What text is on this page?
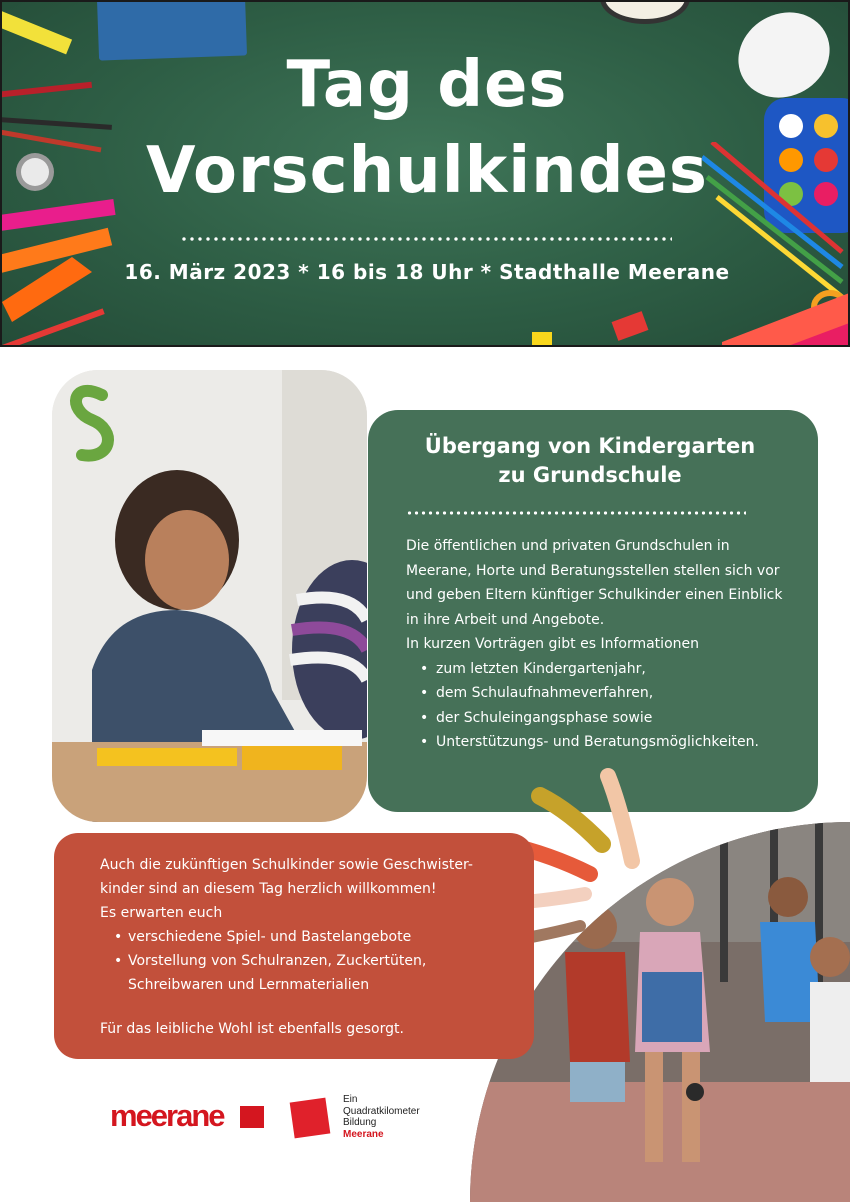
Tag des
Vorschulkindes
16. März 2023 * 16 bis 18 Uhr * Stadthalle Meerane
Übergang von Kindergarten
zu Grundschule
Die öffentlichen und privaten Grundschulen in Meerane, Horte und Beratungsstellen stellen sich vor und geben Eltern künftiger Schulkinder einen Einblick in ihre Arbeit und Angebote.
In kurzen Vorträgen gibt es Informationen
• zum letzten Kindergartenjahr,
• dem Schulaufnahmeverfahren,
• der Schuleingangsphase sowie
• Unterstützungs- und Beratungsmöglichkeiten.
Auch die zukünftigen Schulkinder sowie Geschwister-kinder sind an diesem Tag herzlich willkommen!
Es erwarten euch
• verschiedene Spiel- und Bastelangebote
• Vorstellung von Schulranzen, Zuckertüten, Schreibwaren und Lernmaterialien
Für das leibliche Wohl ist ebenfalls gesorgt.
meerane	Ein
Quadratkilometer
Bildung
Meerane
